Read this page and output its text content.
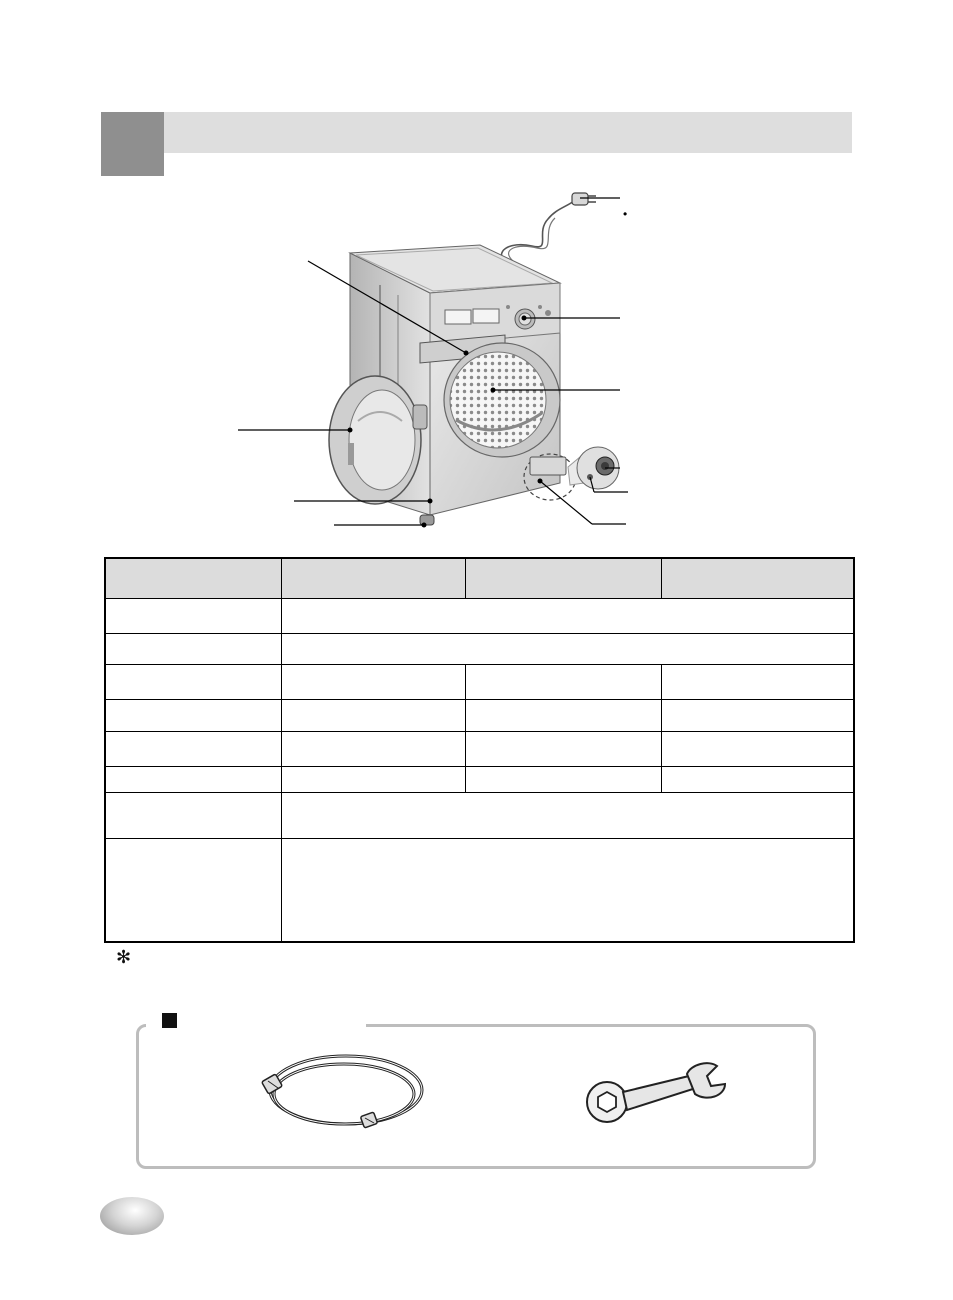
•

✻
